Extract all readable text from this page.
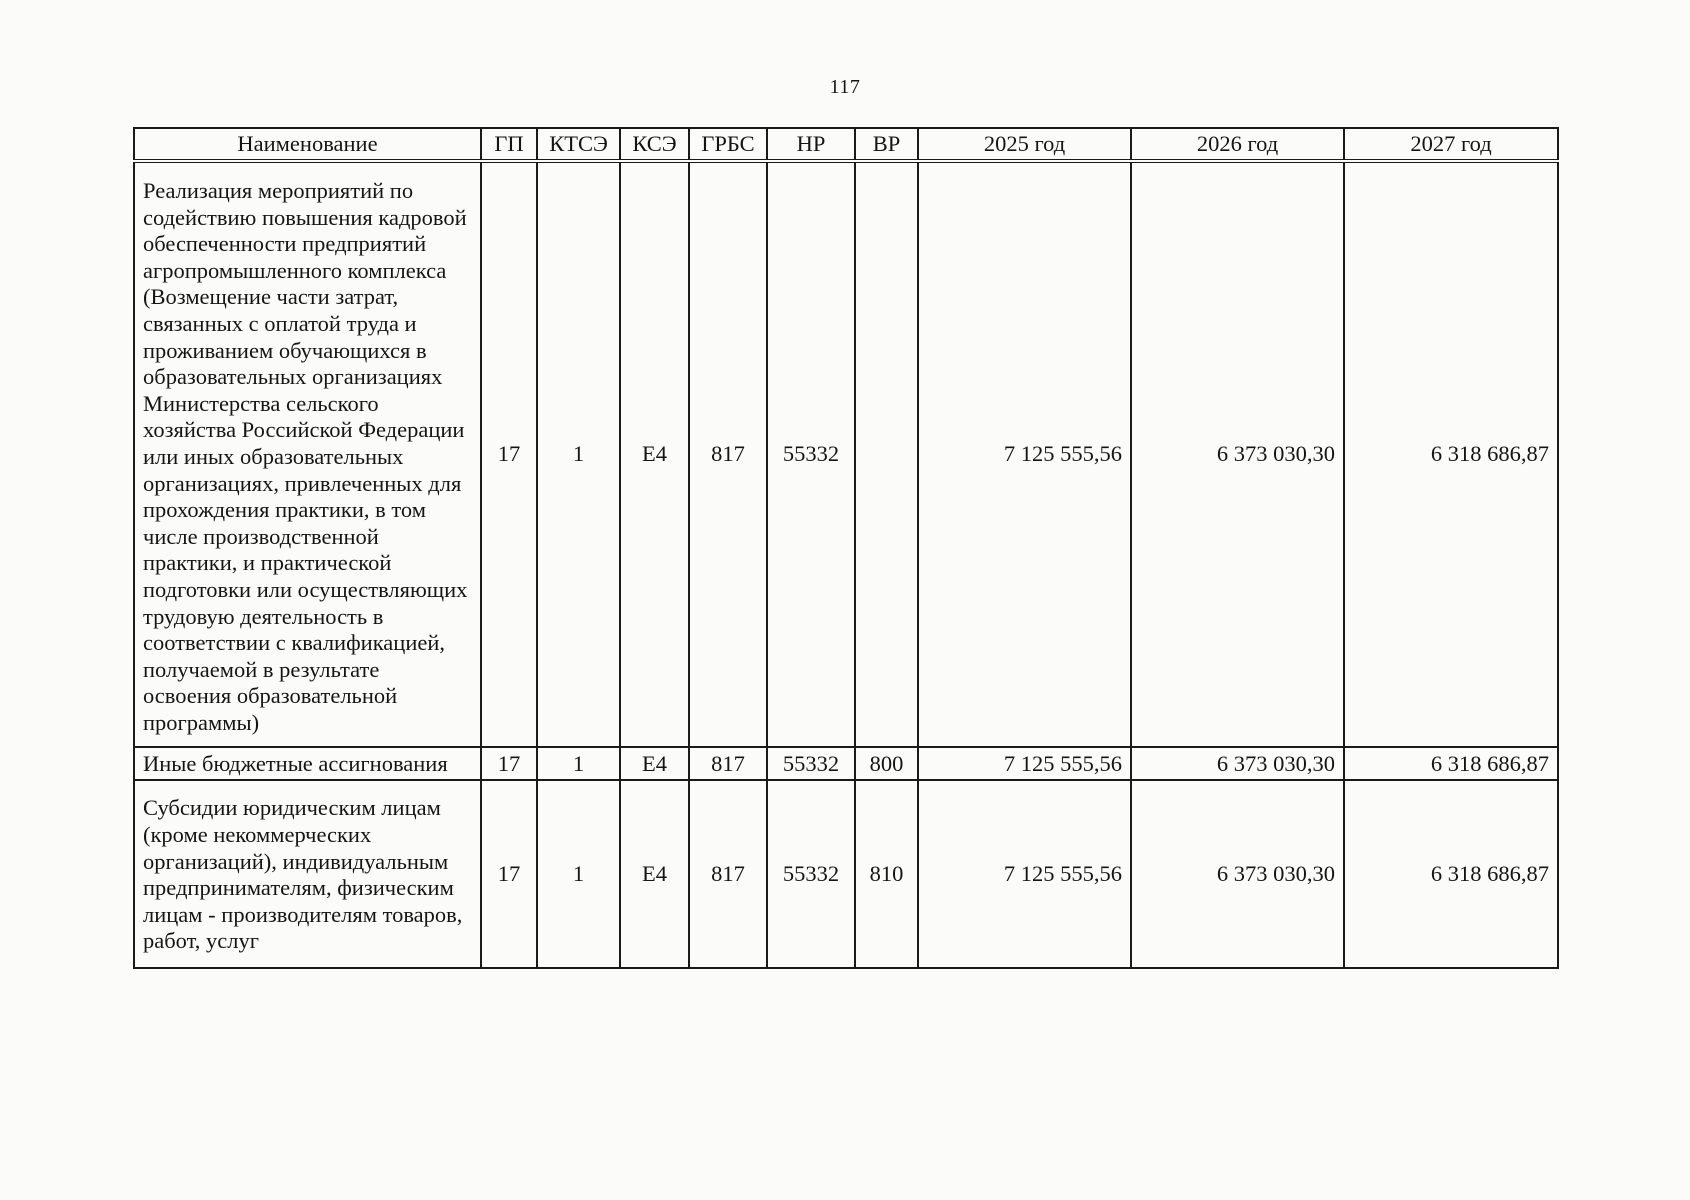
117
Наименование	ГП	КТСЭ	КСЭ	ГРБС	НР	ВР	2025 год	2026 год	2027 год
Реализация мероприятий по содействию повышения кадровой обеспеченности предприятий агропромышленного комплекса (Возмещение части затрат, связанных с оплатой труда и проживанием обучающихся в образовательных организациях Министерства сельского хозяйства Российской Федерации или иных образовательных организациях, привлеченных для прохождения практики, в том числе производственной практики, и практической подготовки или осуществляющих трудовую деятельность в соответствии с квалификацией, получаемой в результате освоения образовательной программы)	17	1	Е4	817	55332		7 125 555,56	6 373 030,30	6 318 686,87
Иные бюджетные ассигнования	17	1	Е4	817	55332	800	7 125 555,56	6 373 030,30	6 318 686,87
Субсидии юридическим лицам (кроме некоммерческих организаций), индивидуальным предпринимателям, физическим лицам - производителям товаров, работ, услуг	17	1	Е4	817	55332	810	7 125 555,56	6 373 030,30	6 318 686,87
